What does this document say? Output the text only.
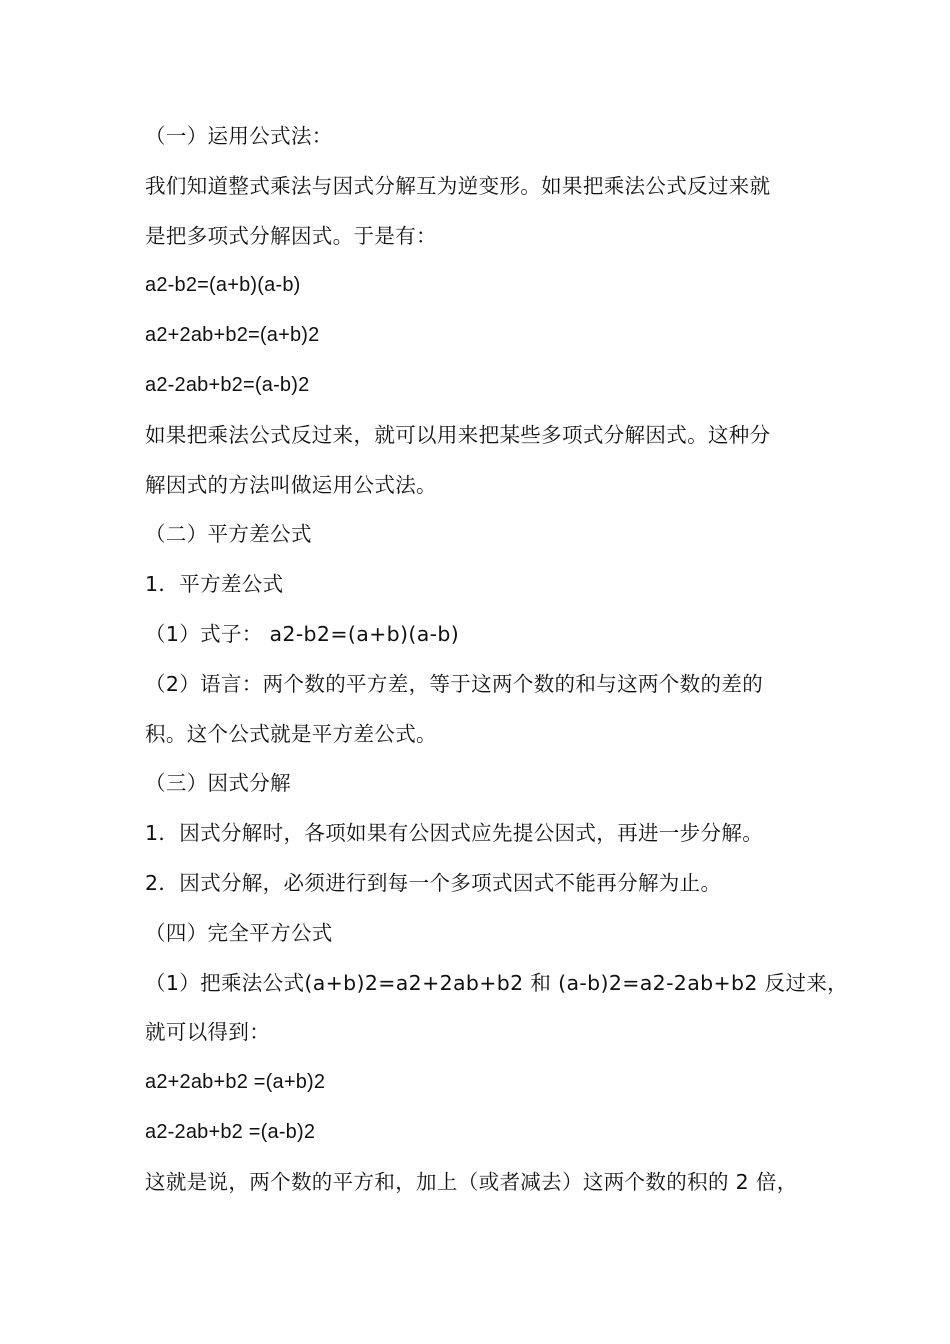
（一）运用公式法：
我们知道整式乘法与因式分解互为逆变形。如果把乘法公式反过来就
是把多项式分解因式。于是有：
a2-b2=(a+b)(a-b)
a2+2ab+b2=(a+b)2
a2-2ab+b2=(a-b)2
如果把乘法公式反过来，就可以用来把某些多项式分解因式。这种分
解因式的方法叫做运用公式法。
（二）平方差公式
1．平方差公式
（1）式子： a2-b2=(a+b)(a-b)
（2）语言：两个数的平方差，等于这两个数的和与这两个数的差的
积。这个公式就是平方差公式。
（三）因式分解
1．因式分解时，各项如果有公因式应先提公因式，再进一步分解。
2．因式分解，必须进行到每一个多项式因式不能再分解为止。
（四）完全平方公式
（1）把乘法公式(a+b)2=a2+2ab+b2 和 (a-b)2=a2-2ab+b2 反过来，
就可以得到：
a2+2ab+b2 =(a+b)2
a2-2ab+b2 =(a-b)2
这就是说，两个数的平方和，加上（或者减去）这两个数的积的 2 倍，
